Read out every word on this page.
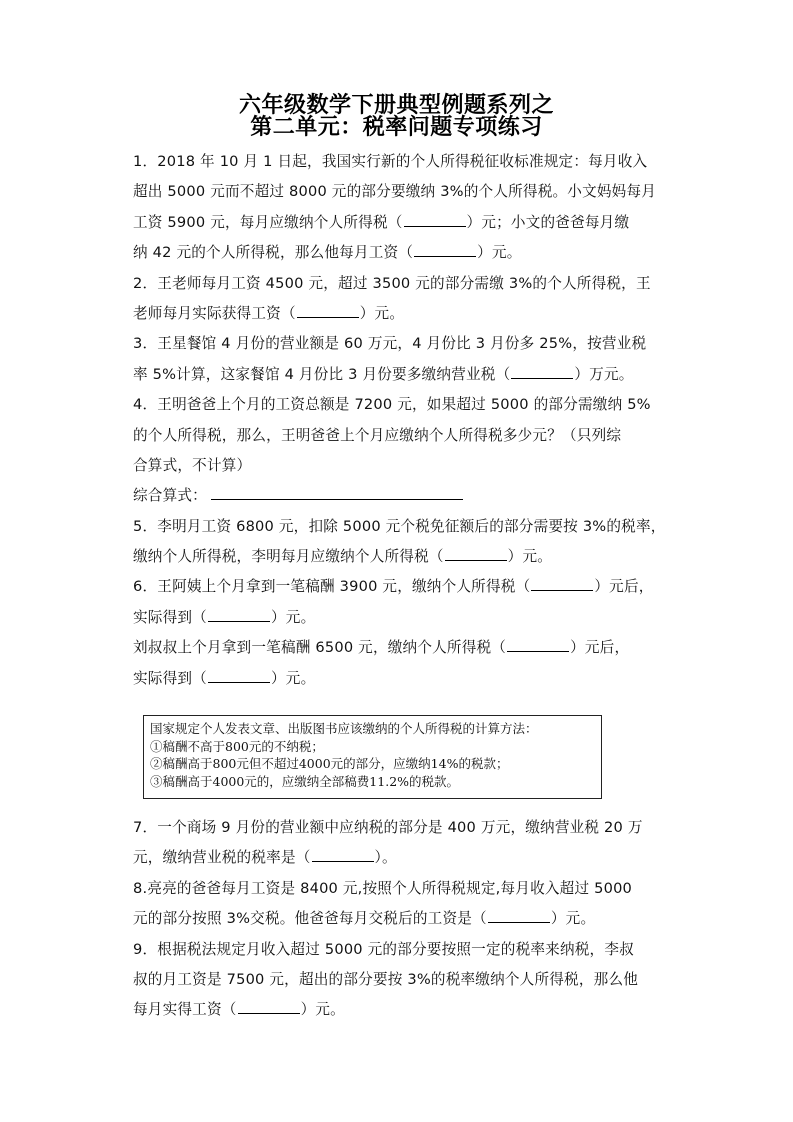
六年级数学下册典型例题系列之
第二单元：税率问题专项练习
1．2018 年 10 月 1 日起，我国实行新的个人所得税征收标准规定：每月收入
超出 5000 元而不超过 8000 元的部分要缴纳 3%的个人所得税。小文妈妈每月
工资 5900 元，每月应缴纳个人所得税（	）元；小文的爸爸每月缴
纳 42 元的个人所得税，那么他每月工资（	）元。
2．王老师每月工资 4500 元，超过 3500 元的部分需缴 3%的个人所得税，王
老师每月实际获得工资（	）元。
3．王星餐馆 4 月份的营业额是 60 万元，4 月份比 3 月份多 25%，按营业税
率 5%计算，这家餐馆 4 月份比 3 月份要多缴纳营业税（	）万元。
4．王明爸爸上个月的工资总额是 7200 元，如果超过 5000 的部分需缴纳 5%
的个人所得税，那么，王明爸爸上个月应缴纳个人所得税多少元？（只列综
合算式，不计算）
综合算式：
5．李明月工资 6800 元，扣除 5000 元个税免征额后的部分需要按 3%的税率，
缴纳个人所得税，李明每月应缴纳个人所得税（	）元。
6．王阿姨上个月拿到一笔稿酬 3900 元，缴纳个人所得税（	）元后，
实际得到（	）元。
刘叔叔上个月拿到一笔稿酬 6500 元，缴纳个人所得税（	）元后，
实际得到（	）元。
国家规定个人发表文章、出版图书应该缴纳的个人所得税的计算方法：
①稿酬不高于800元的不纳税；
②稿酬高于800元但不超过4000元的部分，应缴纳14%的税款；
③稿酬高于4000元的，应缴纳全部稿费11.2%的税款。
7．一个商场 9 月份的营业额中应纳税的部分是 400 万元，缴纳营业税 20 万
元，缴纳营业税的税率是（	）。
8.亮亮的爸爸每月工资是 8400 元,按照个人所得税规定,每月收入超过 5000
元的部分按照 3%交税。他爸爸每月交税后的工资是（	）元。
9．根据税法规定月收入超过 5000 元的部分要按照一定的税率来纳税，李叔
叔的月工资是 7500 元，超出的部分要按 3%的税率缴纳个人所得税，那么他
每月实得工资（	）元。
